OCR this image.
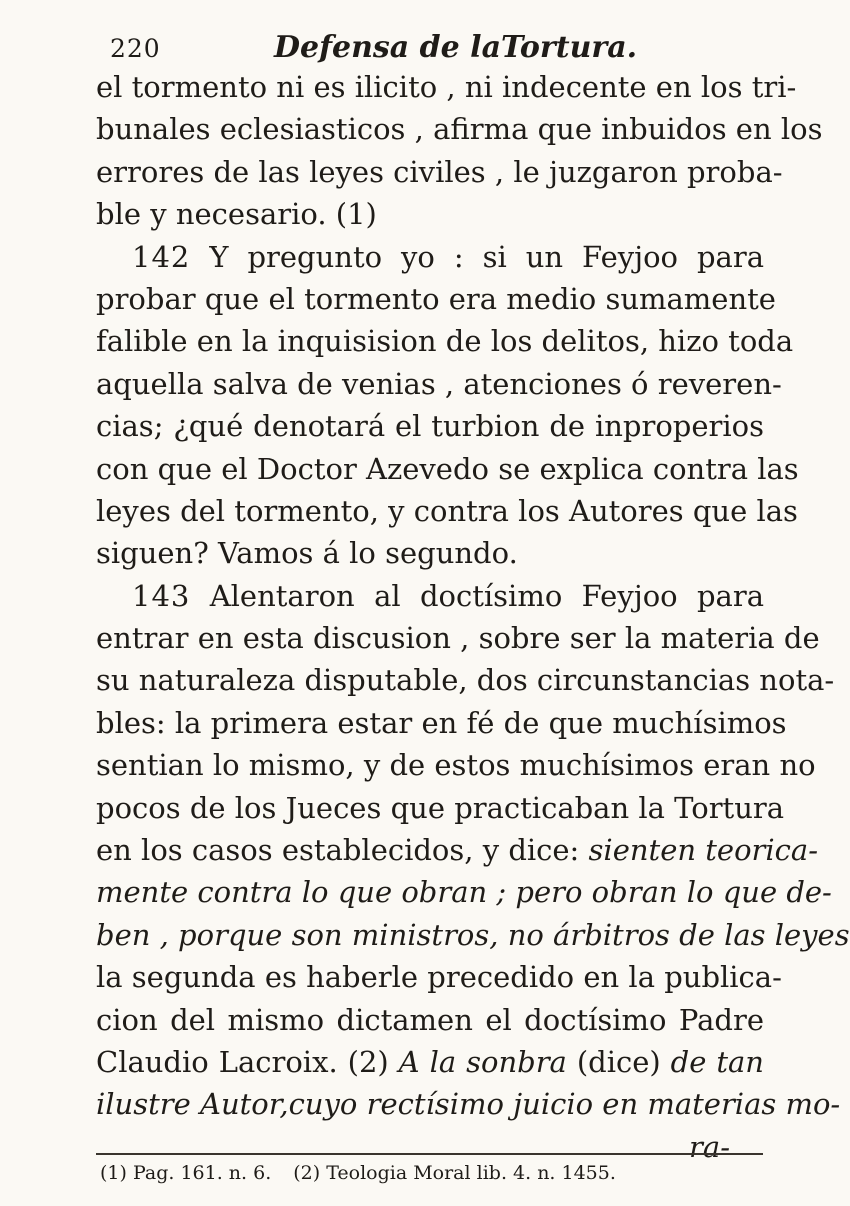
220	Defensa de laTortura.
el tormento ni es ilicito , ni indecente en los tri-
bunales eclesiasticos , afirma que inbuidos en los
errores de las leyes civiles , le juzgaron proba-
ble y necesario. (1)
142 Y pregunto yo : si un Feyjoo para
probar que el tormento era medio sumamente
falible en la inquisision de los delitos, hizo toda
aquella salva de venias , atenciones ó reveren-
cias; ¿qué denotará el turbion de inproperios
con que el Doctor Azevedo se explica contra las
leyes del tormento, y contra los Autores que las
siguen? Vamos á lo segundo.
143 Alentaron al doctísimo Feyjoo para
entrar en esta discusion , sobre ser la materia de
su naturaleza disputable, dos circunstancias nota-
bles: la primera estar en fé de que muchísimos
sentian lo mismo, y de estos muchísimos eran no
pocos de los Jueces que practicaban la Tortura
en los casos establecidos, y dice: sienten teorica-
mente contra lo que obran ; pero obran lo que de-
ben , porque son ministros, no árbitros de las leyes
la segunda es haberle precedido en la publica-
cion del mismo dictamen el doctísimo Padre
Claudio Lacroix. (2) A la sonbra (dice) de tan
ilustre Autor,cuyo rectísimo juicio en materias mo-
ra-
(1) Pag. 161. n. 6. (2) Teologia Moral lib. 4. n. 1455.
